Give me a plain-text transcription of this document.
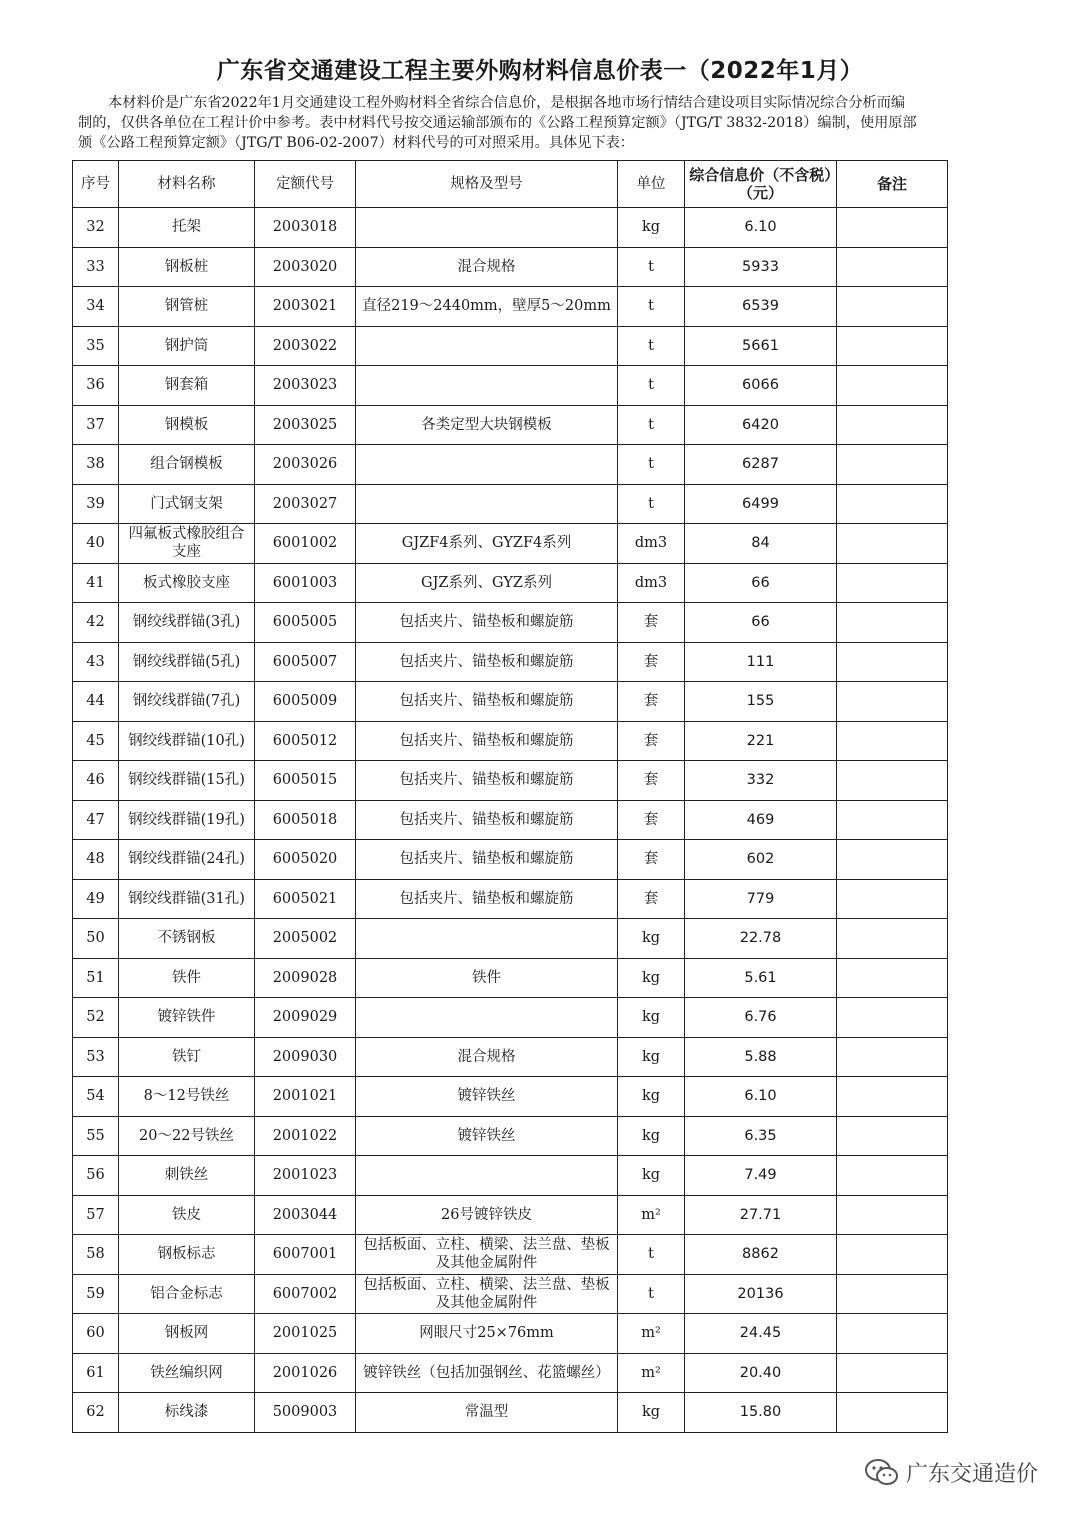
广东省交通建设工程主要外购材料信息价表一（2022年1月）
本材料价是广东省2022年1月交通建设工程外购材料全省综合信息价，是根据各地市场行情结合建设项目实际情况综合分析而编制的，仅供各单位在工程计价中参考。表中材料代号按交通运输部颁布的《公路工程预算定额》（JTG/T 3832-2018）编制，使用原部颁《公路工程预算定额》（JTG/T B06-02-2007）材料代号的可对照采用。具体见下表：
序号	材料名称	定额代号	规格及型号	单位	综合信息价（不含税）（元）	备注
32	托架	2003018		kg	6.10	
33	钢板桩	2003020	混合规格	t	5933	
34	钢管桩	2003021	直径219～2440mm，壁厚5～20mm	t	6539	
35	钢护筒	2003022		t	5661	
36	钢套箱	2003023		t	6066	
37	钢模板	2003025	各类定型大块钢模板	t	6420	
38	组合钢模板	2003026		t	6287	
39	门式钢支架	2003027		t	6499	
40	四氟板式橡胶组合支座	6001002	GJZF4系列、GYZF4系列	dm3	84	
41	板式橡胶支座	6001003	GJZ系列、GYZ系列	dm3	66	
42	钢绞线群锚(3孔)	6005005	包括夹片、锚垫板和螺旋筋	套	66	
43	钢绞线群锚(5孔)	6005007	包括夹片、锚垫板和螺旋筋	套	111	
44	钢绞线群锚(7孔)	6005009	包括夹片、锚垫板和螺旋筋	套	155	
45	钢绞线群锚(10孔)	6005012	包括夹片、锚垫板和螺旋筋	套	221	
46	钢绞线群锚(15孔)	6005015	包括夹片、锚垫板和螺旋筋	套	332	
47	钢绞线群锚(19孔)	6005018	包括夹片、锚垫板和螺旋筋	套	469	
48	钢绞线群锚(24孔)	6005020	包括夹片、锚垫板和螺旋筋	套	602	
49	钢绞线群锚(31孔)	6005021	包括夹片、锚垫板和螺旋筋	套	779	
50	不锈钢板	2005002		kg	22.78	
51	铁件	2009028	铁件	kg	5.61	
52	镀锌铁件	2009029		kg	6.76	
53	铁钉	2009030	混合规格	kg	5.88	
54	8～12号铁丝	2001021	镀锌铁丝	kg	6.10	
55	20～22号铁丝	2001022	镀锌铁丝	kg	6.35	
56	刺铁丝	2001023		kg	7.49	
57	铁皮	2003044	26号镀锌铁皮	m²	27.71	
58	钢板标志	6007001	包括板面、立柱、横梁、法兰盘、垫板及其他金属附件	t	8862	
59	铝合金标志	6007002	包括板面、立柱、横梁、法兰盘、垫板及其他金属附件	t	20136	
60	钢板网	2001025	网眼尺寸25×76mm	m²	24.45	
61	铁丝编织网	2001026	镀锌铁丝（包括加强钢丝、花篮螺丝）	m²	20.40	
62	标线漆	5009003	常温型	kg	15.80	
广东交通造价
